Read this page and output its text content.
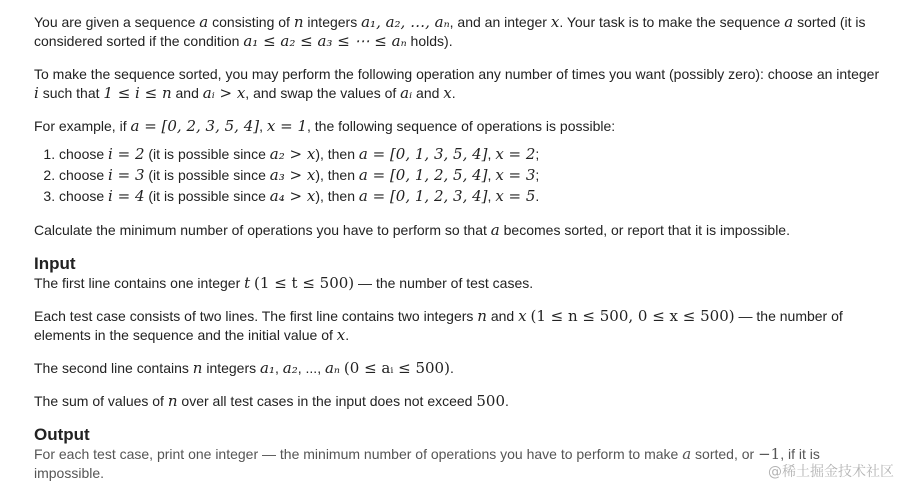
You are given a sequence a consisting of n integers a₁, a₂, …, aₙ, and an integer x. Your task is to make the sequence a sorted (it is considered sorted if the condition a₁ ≤ a₂ ≤ a₃ ≤ ⋯ ≤ aₙ holds).

To make the sequence sorted, you may perform the following operation any number of times you want (possibly zero): choose an integer i such that 1 ≤ i ≤ n and aᵢ > x, and swap the values of aᵢ and x.

For example, if a = [0, 2, 3, 5, 4], x = 1, the following sequence of operations is possible:

1. choose i = 2 (it is possible since a₂ > x), then a = [0, 1, 3, 5, 4], x = 2;
2. choose i = 3 (it is possible since a₃ > x), then a = [0, 1, 2, 5, 4], x = 3;
3. choose i = 4 (it is possible since a₄ > x), then a = [0, 1, 2, 3, 4], x = 5.

Calculate the minimum number of operations you have to perform so that a becomes sorted, or report that it is impossible.

Input

The first line contains one integer t (1 ≤ t ≤ 500) — the number of test cases.

Each test case consists of two lines. The first line contains two integers n and x (1 ≤ n ≤ 500, 0 ≤ x ≤ 500) — the number of elements in the sequence and the initial value of x.

The second line contains n integers a₁, a₂, ..., aₙ (0 ≤ aᵢ ≤ 500).

The sum of values of n over all test cases in the input does not exceed 500.

Output

For each test case, print one integer — the minimum number of operations you have to perform to make a sorted, or −1, if it is impossible.	@稀土掘金技术社区
